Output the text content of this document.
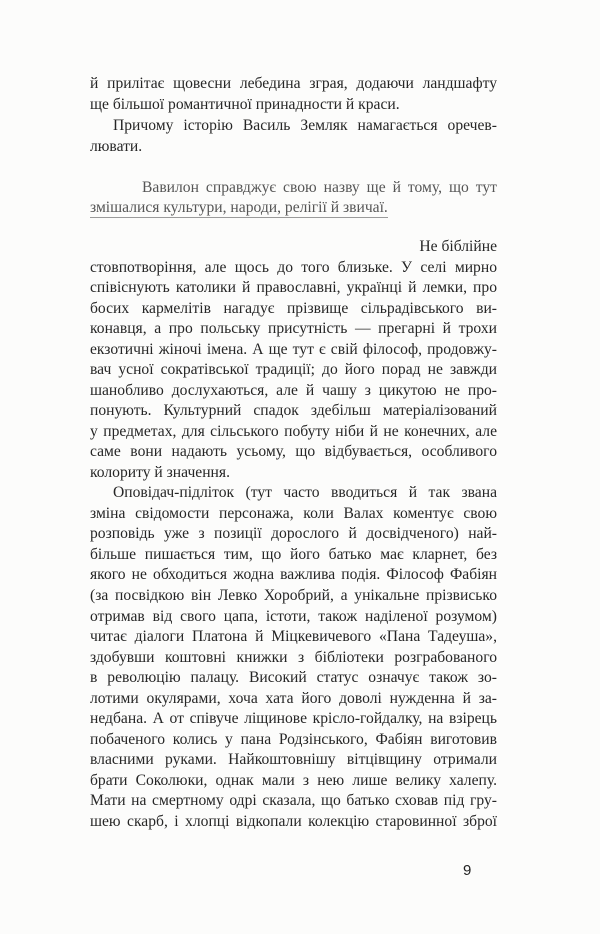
й прилітає щовесни лебедина зграя, додаючи ландшафту
ще більшої романтичної принадности й краси.
Причому історію Василь Земляк намагається оречев-
лювати.
Вавилон справджує свою назву ще й тому, що тут
змішалися культури, народи, релігії й звичаї.
Не біблійне
стовпотворіння, але щось до того близьке. У селі мирно
співіснують католики й православні, українці й лемки, про
босих кармелітів нагадує прізвище сільрадівського ви-
конавця, а про польську присутність — прегарні й трохи
екзотичні жіночі імена. А ще тут є свій філософ, продовжу-
вач усної сократівської традиції; до його порад не завжди
шанобливо дослухаються, але й чашу з цикутою не про-
понують. Культурний спадок здебільш матеріалізований
у предметах, для сільського побуту ніби й не конечних, але
саме вони надають усьому, що відбувається, особливого
колориту й значення.
Оповідач-підліток (тут часто вводиться й так звана
зміна свідомости персонажа, коли Валах коментує свою
розповідь уже з позиції дорослого й досвідченого) най-
більше пишається тим, що його батько має кларнет, без
якого не обходиться жодна важлива подія. Філософ Фабіян
(за посвідкою він Левко Хоробрий, а унікальне прізвисько
отримав від свого цапа, істоти, також наділеної розумом)
читає діалоги Платона й Міцкевичевого «Пана Тадеуша»,
здобувши коштовні книжки з бібліотеки розграбованого
в революцію палацу. Високий статус означує також зо-
лотими окулярами, хоча хата його доволі нужденна й за-
недбана. А от співуче ліщинове крісло-гойдалку, на взірець
побаченого колись у пана Родзінського, Фабіян виготовив
власними руками. Найкоштовнішу вітцівщину отримали
брати Соколюки, однак мали з нею лише велику халепу.
Мати на смертному одрі сказала, що батько сховав під гру-
шею скарб, і хлопці відкопали колекцію старовинної зброї
9
